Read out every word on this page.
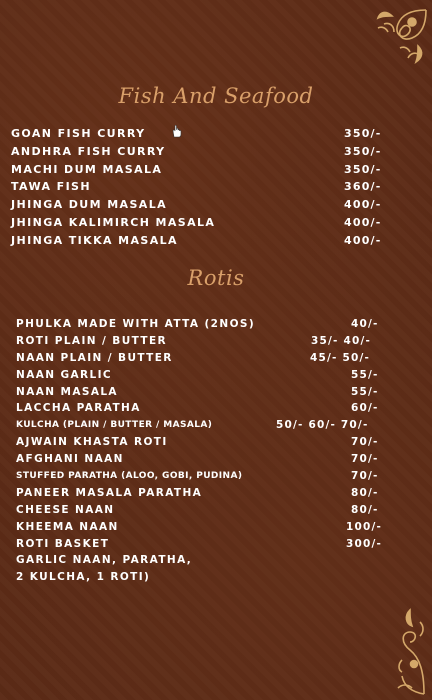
Fish And Seafood
GOAN FISH CURRY	350/-
ANDHRA FISH CURRY	350/-
MACHI DUM MASALA	350/-
TAWA FISH	360/-
JHINGA DUM MASALA	400/-
JHINGA KALIMIRCH MASALA	400/-
JHINGA TIKKA MASALA	400/-
Rotis
PHULKA MADE WITH ATTA (2NOS)	40/-
ROTI PLAIN / BUTTER	35/- 40/-
NAAN PLAIN / BUTTER	45/- 50/-
NAAN GARLIC	55/-
NAAN MASALA	55/-
LACCHA PARATHA	60/-
KULCHA (PLAIN / BUTTER / MASALA)	50/- 60/- 70/-
AJWAIN KHASTA ROTI	70/-
AFGHANI NAAN	70/-
STUFFED PARATHA (ALOO, GOBI, PUDINA)	70/-
PANEER MASALA PARATHA	80/-
CHEESE NAAN	80/-
KHEEMA NAAN	100/-
ROTI BASKET	300/-
GARLIC NAAN, PARATHA,
2 KULCHA, 1 ROTI)
